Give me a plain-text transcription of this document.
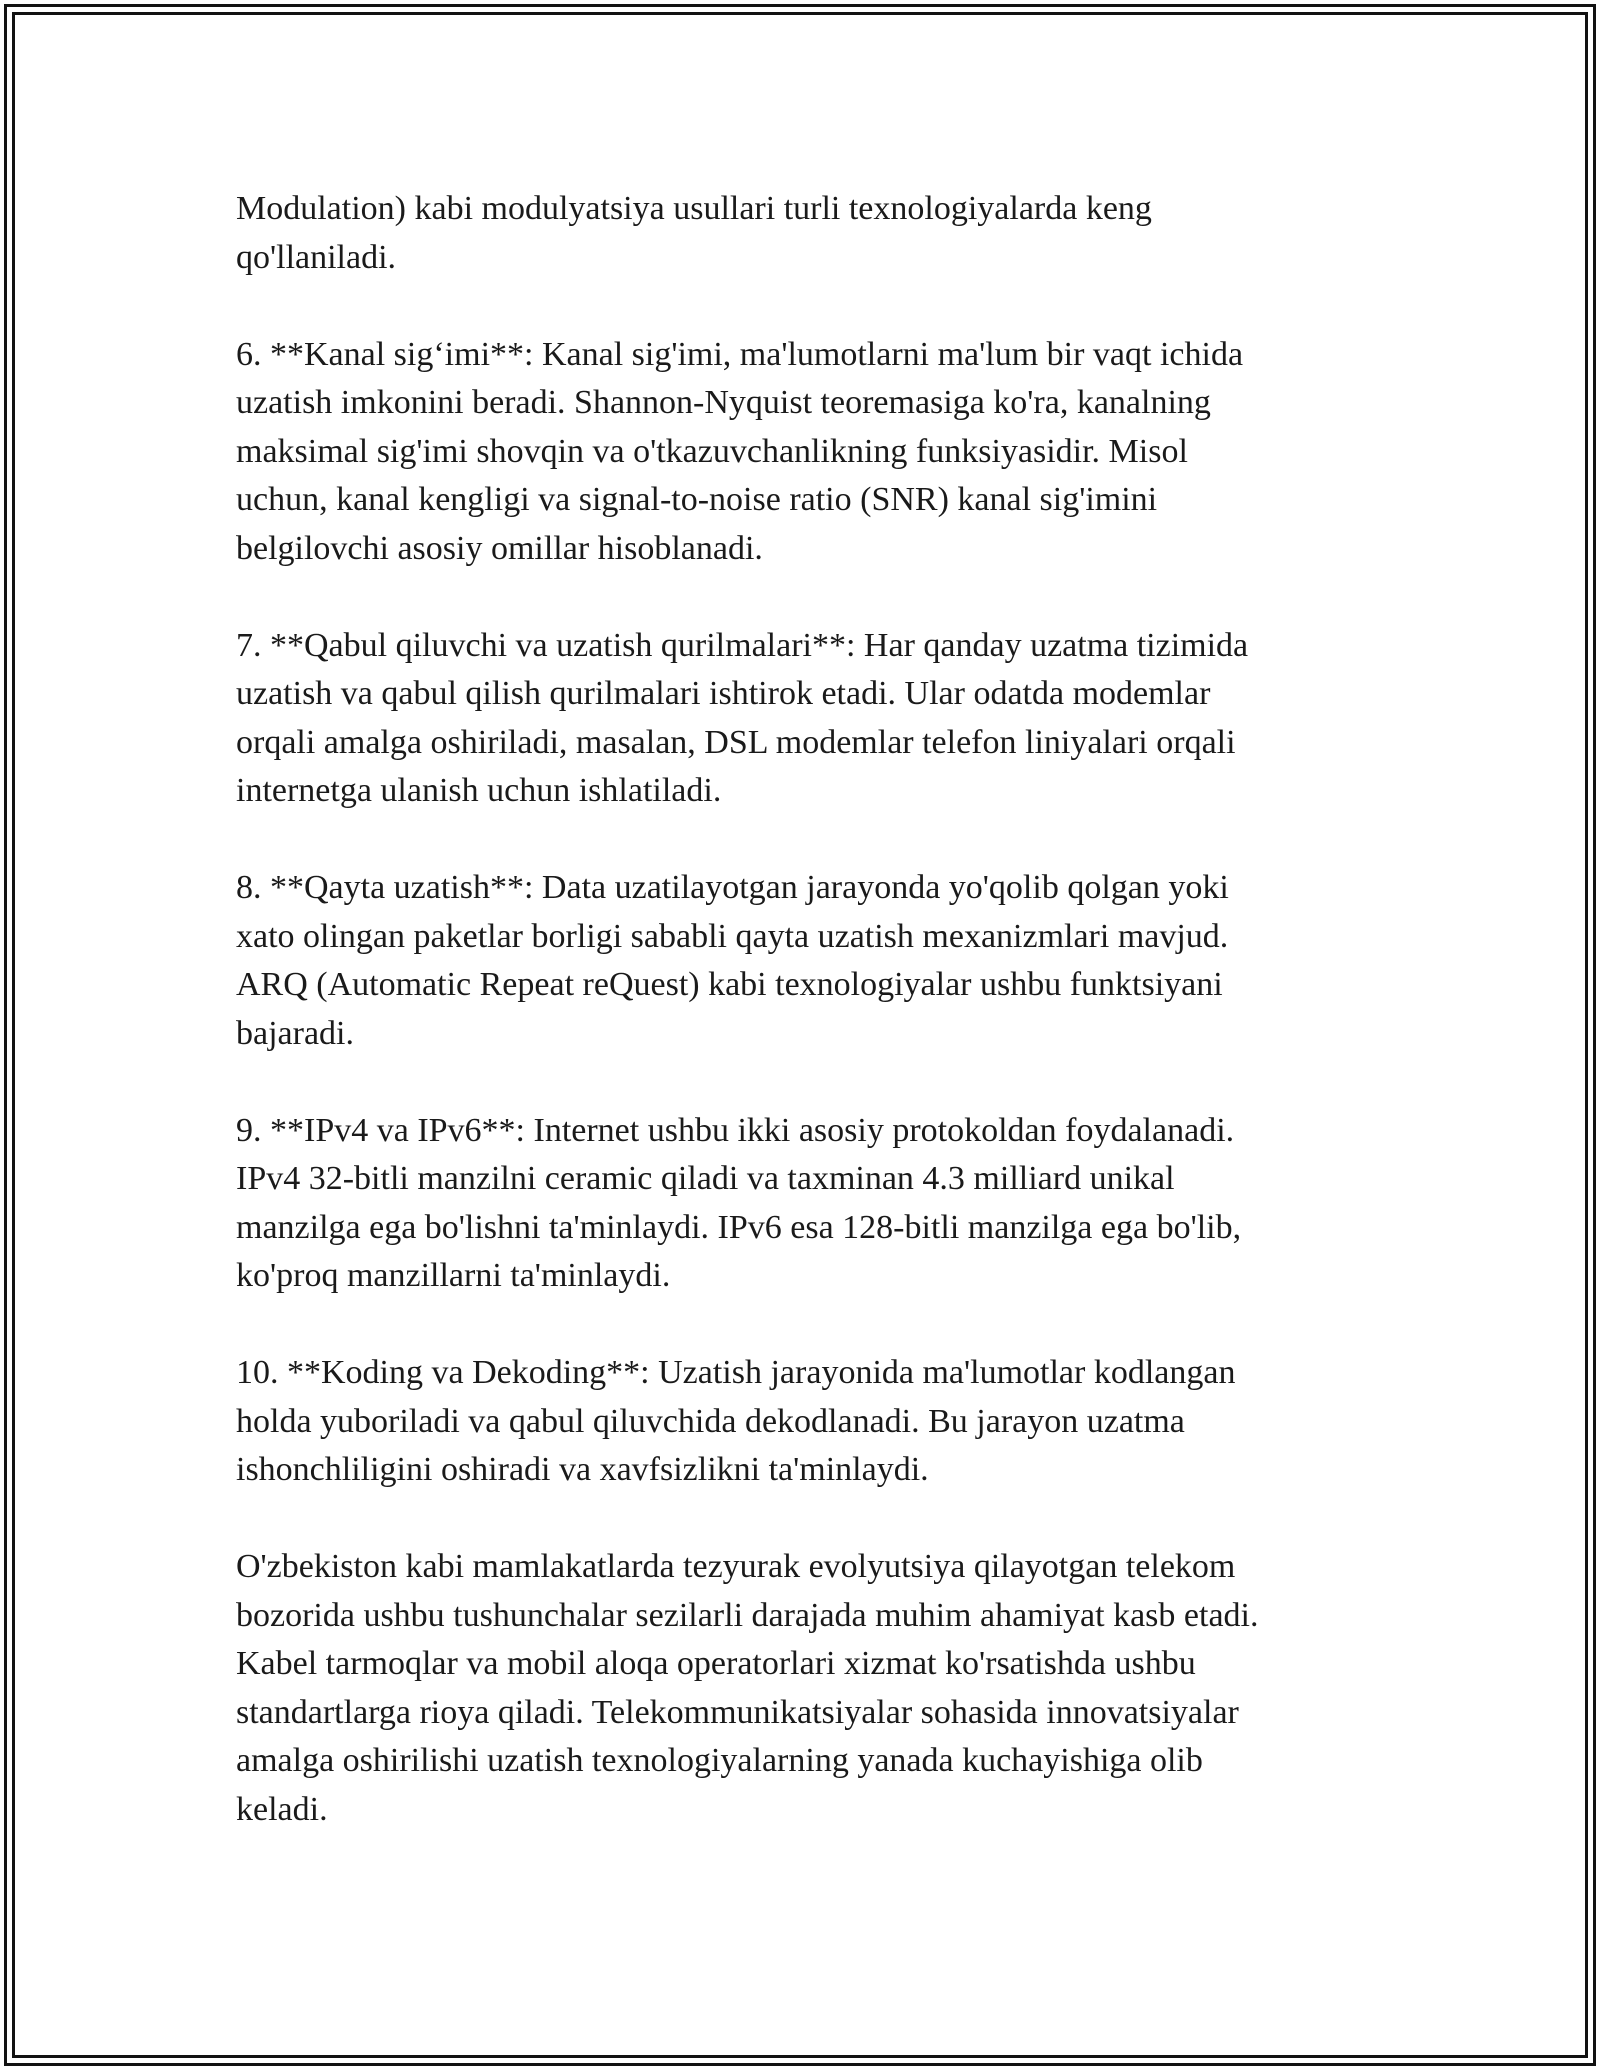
Modulation) kabi modulyatsiya usullari turli texnologiyalarda keng
qo'llaniladi.

6. **Kanal sig‘imi**: Kanal sig'imi, ma'lumotlarni ma'lum bir vaqt ichida
uzatish imkonini beradi. Shannon-Nyquist teoremasiga ko'ra, kanalning
maksimal sig'imi shovqin va o'tkazuvchanlikning funksiyasidir. Misol
uchun, kanal kengligi va signal-to-noise ratio (SNR) kanal sig'imini
belgilovchi asosiy omillar hisoblanadi.

7. **Qabul qiluvchi va uzatish qurilmalari**: Har qanday uzatma tizimida
uzatish va qabul qilish qurilmalari ishtirok etadi. Ular odatda modemlar
orqali amalga oshiriladi, masalan, DSL modemlar telefon liniyalari orqali
internetga ulanish uchun ishlatiladi.

8. **Qayta uzatish**: Data uzatilayotgan jarayonda yo'qolib qolgan yoki
xato olingan paketlar borligi sababli qayta uzatish mexanizmlari mavjud.
ARQ (Automatic Repeat reQuest) kabi texnologiyalar ushbu funktsiyani
bajaradi.

9. **IPv4 va IPv6**: Internet ushbu ikki asosiy protokoldan foydalanadi.
IPv4 32-bitli manzilni ceramic qiladi va taxminan 4.3 milliard unikal
manzilga ega bo'lishni ta'minlaydi. IPv6 esa 128-bitli manzilga ega bo'lib,
ko'proq manzillarni ta'minlaydi.

10. **Koding va Dekoding**: Uzatish jarayonida ma'lumotlar kodlangan
holda yuboriladi va qabul qiluvchida dekodlanadi. Bu jarayon uzatma
ishonchliligini oshiradi va xavfsizlikni ta'minlaydi.

O'zbekiston kabi mamlakatlarda tezyurak evolyutsiya qilayotgan telekom
bozorida ushbu tushunchalar sezilarli darajada muhim ahamiyat kasb etadi.
Kabel tarmoqlar va mobil aloqa operatorlari xizmat ko'rsatishda ushbu
standartlarga rioya qiladi. Telekommunikatsiyalar sohasida innovatsiyalar
amalga oshirilishi uzatish texnologiyalarning yanada kuchayishiga olib
keladi.
